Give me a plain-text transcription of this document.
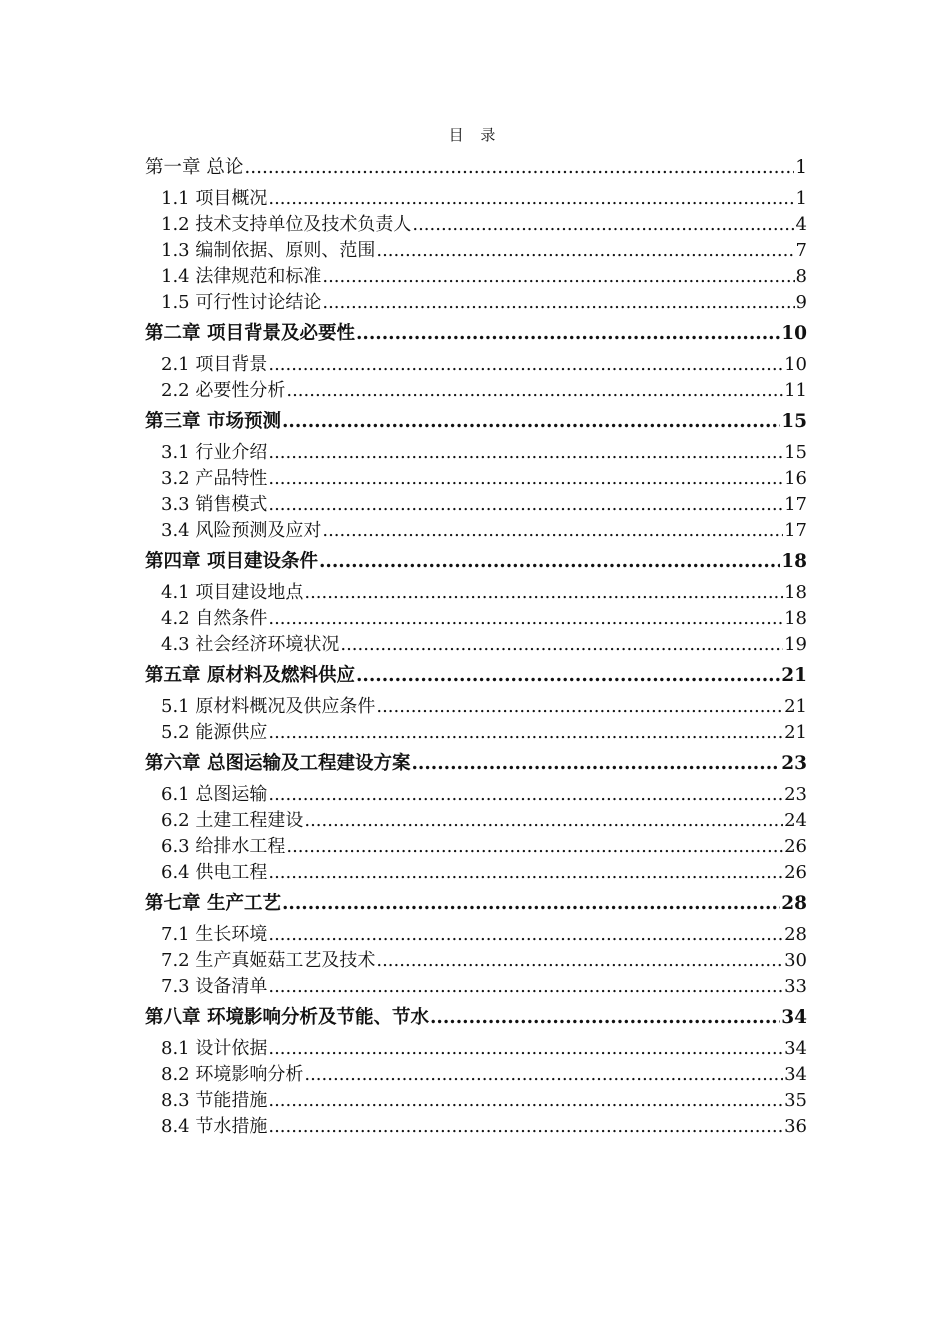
目 录
第一章 总论 .....	1
1.1 项目概况 .....	1
1.2 技术支持单位及技术负责人 .....	4
1.3 编制依据、原则、范围 .....	7
1.4 法律规范和标准 .....	8
1.5 可行性讨论结论 .....	9
第二章 项目背景及必要性 .....	10
2.1 项目背景 .....	10
2.2 必要性分析 .....	11
第三章 市场预测 .....	15
3.1 行业介绍 .....	15
3.2 产品特性 .....	16
3.3 销售模式 .....	17
3.4 风险预测及应对 .....	17
第四章 项目建设条件 .....	18
4.1 项目建设地点 .....	18
4.2 自然条件 .....	18
4.3 社会经济环境状况 .....	19
第五章 原材料及燃料供应 .....	21
5.1 原材料概况及供应条件 .....	21
5.2 能源供应 .....	21
第六章 总图运输及工程建设方案 .....	23
6.1 总图运输 .....	23
6.2 土建工程建设 .....	24
6.3 给排水工程 .....	26
6.4 供电工程 .....	26
第七章 生产工艺 .....	28
7.1 生长环境 .....	28
7.2 生产真姬菇工艺及技术 .....	30
7.3 设备清单 .....	33
第八章 环境影响分析及节能、节水 .....	34
8.1 设计依据 .....	34
8.2 环境影响分析 .....	34
8.3 节能措施 .....	35
8.4 节水措施 .....	36
